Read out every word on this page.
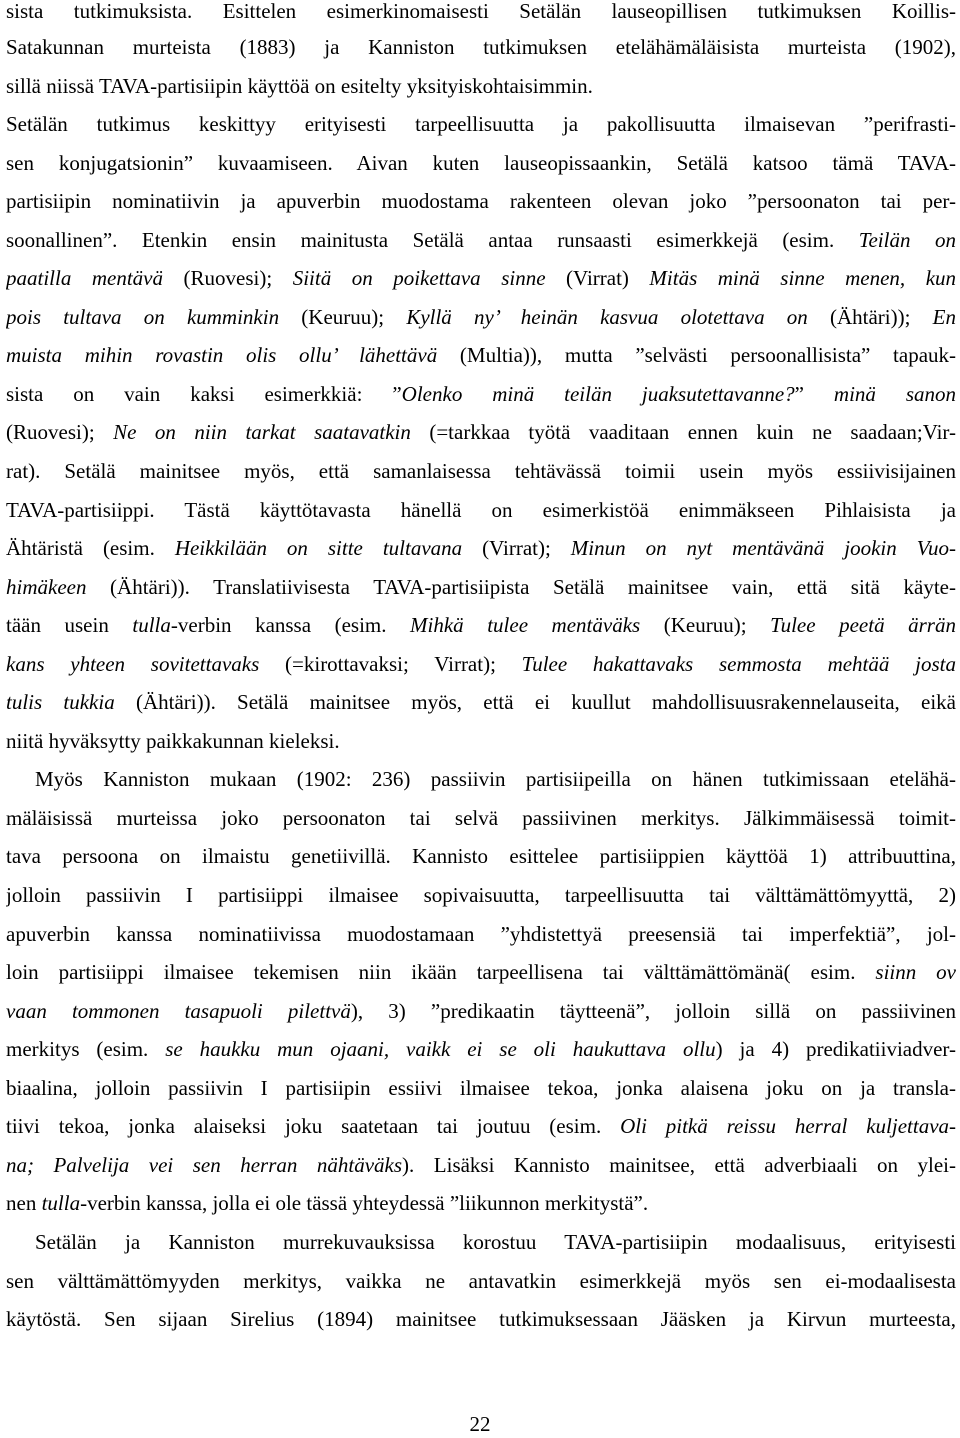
sista tutkimuksista. Esittelen esimerkinomaisesti Setälän lauseopillisen tutkimuksen Koillis-
Satakunnan murteista (1883) ja Kanniston tutkimuksen etelähämäläisista murteista (1902),
sillä niissä TAVA-partisiipin käyttöä on esitelty yksityiskohtaisimmin.
Setälän tutkimus keskittyy erityisesti tarpeellisuutta ja pakollisuutta ilmaisevan ”perifrasti-
sen konjugatsionin” kuvaamiseen. Aivan kuten lauseopissaankin, Setälä katsoo tämä TAVA-
partisiipin nominatiivin ja apuverbin muodostama rakenteen olevan joko ”persoonaton tai per-
soonallinen”. Etenkin ensin mainitusta Setälä antaa runsaasti esimerkkejä (esim. Teilän on
paatilla mentävä (Ruovesi); Siitä on poikettava sinne (Virrat) Mitäs minä sinne menen, kun
pois tultava on kumminkin (Keuruu); Kyllä ny’ heinän kasvua olotettava on (Ähtäri)); En
muista mihin rovastin olis ollu’ lähettävä (Multia)), mutta ”selvästi persoonallisista” tapauk-
sista on vain kaksi esimerkkiä: ”Olenko minä teilän juaksutettavanne?” minä sanon
(Ruovesi); Ne on niin tarkat saatavatkin (=tarkkaa työtä vaaditaan ennen kuin ne saadaan;Vir-
rat). Setälä mainitsee myös, että samanlaisessa tehtävässä toimii usein myös essiivisijainen
TAVA-partisiippi. Tästä käyttötavasta hänellä on esimerkistöä enimmäkseen Pihlaisista ja
Ähtäristä (esim. Heikkilään on sitte tultavana (Virrat); Minun on nyt mentävänä jookin Vuo-
himäkeen (Ähtäri)). Translatiivisesta TAVA-partisiipista Setälä mainitsee vain, että sitä käyte-
tään usein tulla-verbin kanssa (esim. Mihkä tulee mentäväks (Keuruu); Tulee peetä ärrän
kans yhteen sovitettavaks (=kirottavaksi; Virrat); Tulee hakattavaks semmosta mehtää josta
tulis tukkia (Ähtäri)). Setälä mainitsee myös, että ei kuullut mahdollisuusrakennelauseita, eikä
niitä hyväksytty paikkakunnan kieleksi.
Myös Kanniston mukaan (1902: 236) passiivin partisiipeilla on hänen tutkimissaan etelähä-
mäläisissä murteissa joko persoonaton tai selvä passiivinen merkitys. Jälkimmäisessä toimit-
tava persoona on ilmaistu genetiivillä. Kannisto esittelee partisiippien käyttöä 1) attribuuttina,
jolloin passiivin I partisiippi ilmaisee sopivaisuutta, tarpeellisuutta tai välttämättömyyttä, 2)
apuverbin kanssa nominatiivissa muodostamaan ”yhdistettyä preesensiä tai imperfektiä”, jol-
loin partisiippi ilmaisee tekemisen niin ikään tarpeellisena tai välttämättömänä( esim. siinn ov
vaan tommonen tasapuoli pilettvä), 3) ”predikaatin täytteenä”, jolloin sillä on passiivinen
merkitys (esim. se haukku mun ojaani, vaikk ei se oli haukuttava ollu) ja 4) predikatiiviadver-
biaalina, jolloin passiivin I partisiipin essiivi ilmaisee tekoa, jonka alaisena joku on ja transla-
tiivi tekoa, jonka alaiseksi joku saatetaan tai joutuu (esim. Oli pitkä reissu herral kuljettava-
na; Palvelija vei sen herran nähtäväks). Lisäksi Kannisto mainitsee, että adverbiaali on ylei-
nen tulla-verbin kanssa, jolla ei ole tässä yhteydessä ”liikunnon merkitystä”.
Setälän ja Kanniston murrekuvauksissa korostuu TAVA-partisiipin modaalisuus, erityisesti
sen välttämättömyyden merkitys, vaikka ne antavatkin esimerkkejä myös sen ei-modaalisesta
käytöstä. Sen sijaan Sirelius (1894) mainitsee tutkimuksessaan Jääsken ja Kirvun murteesta,
22
